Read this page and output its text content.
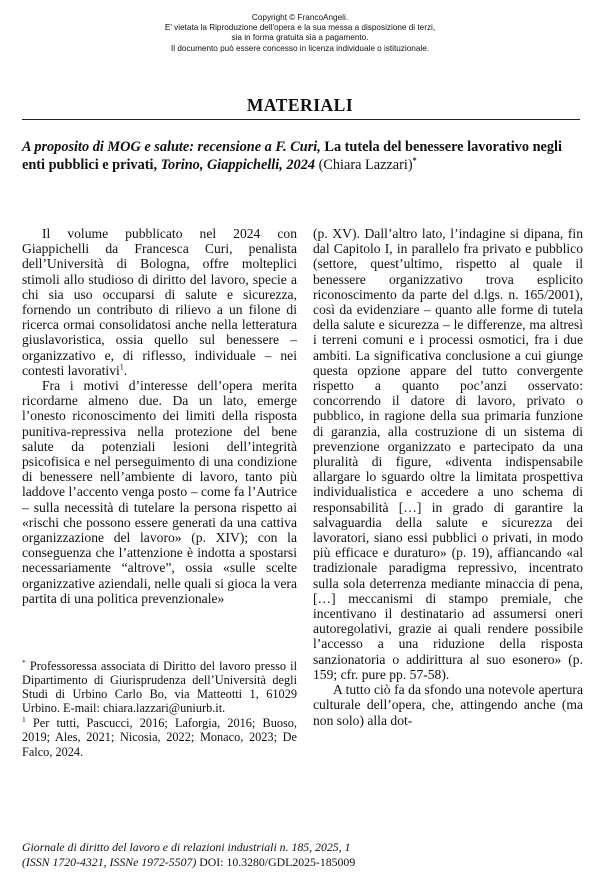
Copyright © FrancoAngeli.
E' vietata la Riproduzione dell'opera e la sua messa a disposizione di terzi,
sia in forma gratuita sia a pagamento.
Il documento può essere concesso in licenza individuale o istituzionale.
MATERIALI
A proposito di MOG e salute: recensione a F. Curi, La tutela del benessere lavorativo negli enti pubblici e privati, Torino, Giappichelli, 2024 (Chiara Lazzari)*

Il volume pubblicato nel 2024 con Giappichelli da Francesca Curi, penalista dell’Università di Bologna, offre molteplici stimoli allo studioso di diritto del lavoro, specie a chi sia uso occuparsi di salute e sicurezza, fornendo un contributo di rilievo a un filone di ricerca ormai consolidatosi anche nella letteratura giuslavoristica, ossia quello sul benessere – organizzativo e, di riflesso, individuale – nei contesti lavorativi$^1$.

Fra i motivi d’interesse dell’opera merita ricordarne almeno due. Da un lato, emerge l’onesto riconoscimento dei limiti della risposta punitiva-repressiva nella protezione del bene salute da potenziali lesioni dell’integrità psicofisica e nel perseguimento di una condizione di benessere nell’ambiente di lavoro, tanto più laddove l’accento venga posto – come fa l’Autrice – sulla necessità di tutelare la persona rispetto ai «rischi che possono essere generati da una cattiva organizzazione del lavoro» (p. XIV); con la conseguenza che l’attenzione è indotta a spostarsi necessariamente “altrove”, ossia «sulle scelte organizzative aziendali, nelle quali si gioca la vera partita di una politica prevenzionale»

(p. XV). Dall’altro lato, l’indagine si dipana, fin dal Capitolo I, in parallelo fra privato e pubblico (settore, quest’ultimo, rispetto al quale il benessere organizzativo trova esplicito riconoscimento da parte del d.lgs. n. 165/2001), così da evidenziare – quanto alle forme di tutela della salute e sicurezza – le differenze, ma altresì i terreni comuni e i processi osmotici, fra i due ambiti. La significativa conclusione a cui giunge questa opzione appare del tutto convergente rispetto a quanto poc’anzi osservato: concorrendo il datore di lavoro, privato o pubblico, in ragione della sua primaria funzione di garanzia, alla costruzione di un sistema di prevenzione organizzato e partecipato da una pluralità di figure, «diventa indispensabile allargare lo sguardo oltre la limitata prospettiva individualistica e accedere a uno schema di responsabilità […] in grado di garantire la salvaguardia della salute e sicurezza dei lavoratori, siano essi pubblici o privati, in modo più efficace e duraturo» (p. 19), affiancando «al tradizionale paradigma repressivo, incentrato sulla sola deterrenza mediante minaccia di pena, […] meccanismi di stampo premiale, che incentivano il destinatario ad assumersi oneri autoregolativi, grazie ai quali rendere possibile l’accesso a una riduzione della risposta sanzionatoria o addirittura al suo esonero» (p. 159; cfr. pure pp. 57-58).

A tutto ciò fa da sfondo una notevole apertura culturale dell’opera, che, attingendo anche (ma non solo) alla dot-

* Professoressa associata di Diritto del lavoro presso il Dipartimento di Giurisprudenza dell’Università degli Studi di Urbino Carlo Bo, via Matteotti 1, 61029 Urbino. E-mail: chiara.lazzari@uniurb.it.

$^1$ Per tutti, Pascucci, 2016; Laforgia, 2016; Buoso, 2019; Ales, 2021; Nicosia, 2022; Monaco, 2023; De Falco, 2024.

Giornale di diritto del lavoro e di relazioni industriali n. 185, 2025, 1
(ISSN 1720-4321, ISSNe 1972-5507) DOI: 10.3280/GDL2025-185009
